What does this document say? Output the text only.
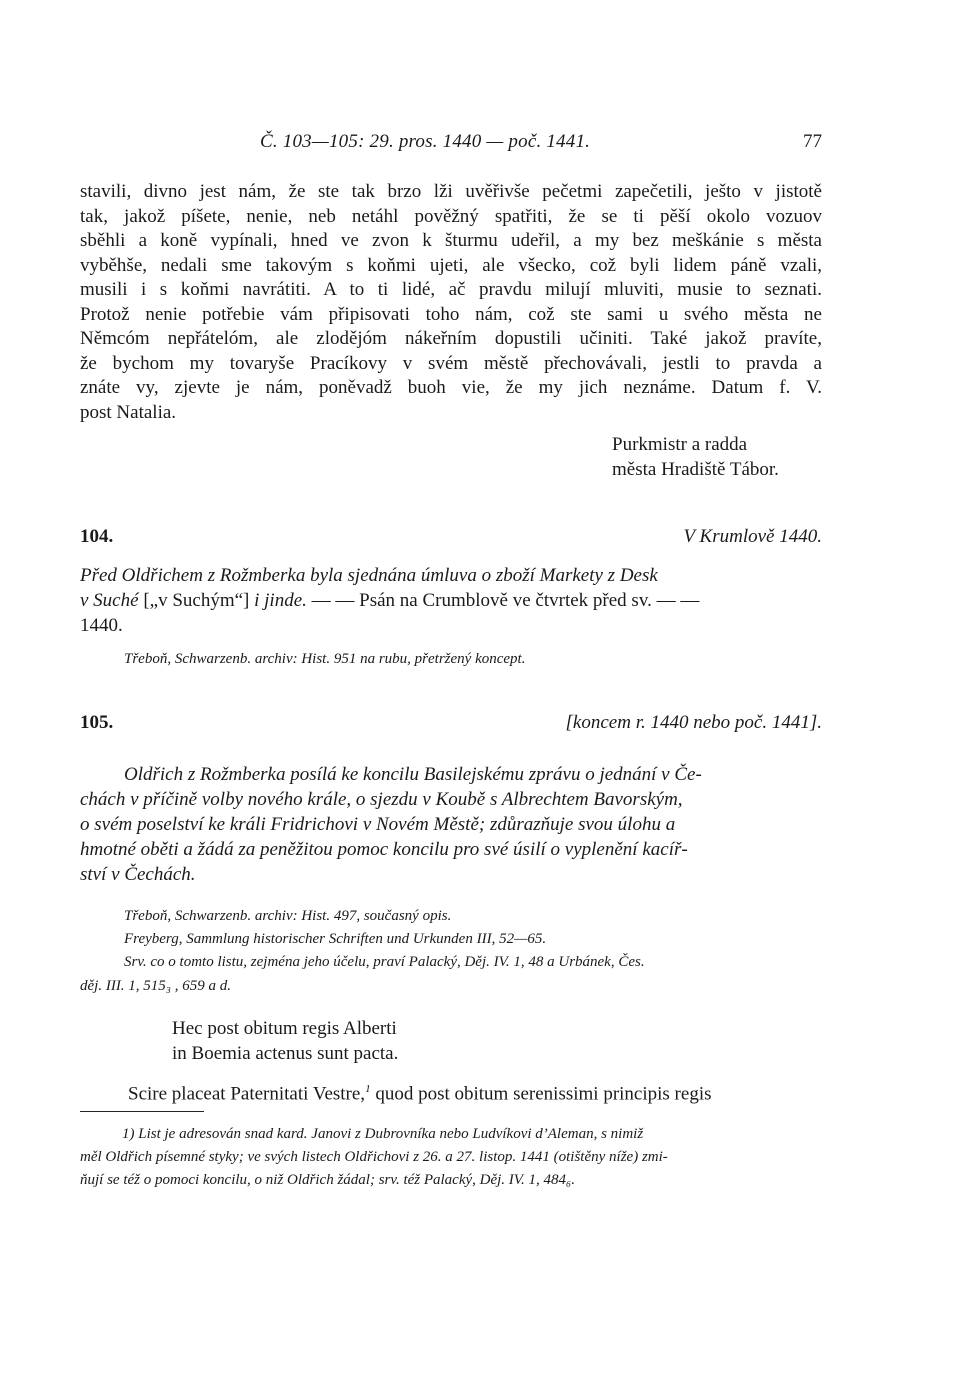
Č. 103—105: 29. pros. 1440 — poč. 1441.	77
stavili, divno jest nám, že ste tak brzo lži uvěřivše pečetmi zapečetili, ještо v jistotě
tak, jakož píšete, nenie, neb netáhl pověžný spatřiti, že se ti pěší okolo vozuov
sběhli a koně vypínali, hned ve zvon k šturmu udeřil, a my bez meškánie s města
vyběhše, nedali sme takovým s koňmi ujeti, ale všecko, což byli lidem páně vzali,
musili i s koňmi navrátiti. A to ti lidé, ač pravdu milují mluviti, musie to seznati.
Protož nenie potřebie vám připisovati toho nám, což ste sami u svého města ne
Němcóm nepřátelóm, ale zlodějóm nákeřním dopustili učiniti. Také jakož pravíte,
že bychom my tovaryše Pracíkovy v svém městě přechovávali, jestli to pravda a
znáte vy, zjevte je nám, poněvadž buoh vie, že my jich neznáme. Datum f. V.
post Natalia.
Purkmistr a radda
města Hradiště Tábor.
104.	V Krumlově 1440.
Před Oldřichem z Rožmberka byla sjednána úmluva o zboží Markety z Desk
v Suché [„v Suchým“] i jinde. — — Psán na Crumblově ve čtvrtek před sv. — —
1440.
Třeboň, Schwarzenb. archiv: Hist. 951 na rubu, přetržený koncept.
105.	[koncem r. 1440 nebo poč. 1441].
Oldřich z Rožmberka posílá ke koncilu Basilejskému zprávu o jednání v Če-
chách v příčině volby nového krále, o sjezdu v Koubě s Albrechtem Bavorským,
o svém poselství ke králi Fridrichovi v Novém Městě; zdůrazňuje svou úlohu a
hmotné oběti a žádá za peněžitou pomoc koncilu pro své úsilí o vyplenění kacíř-
ství v Čechách.
Třeboň, Schwarzenb. archiv: Hist. 497, současný opis.
Freyberg, Sammlung historischer Schriften und Urkunden III, 52—65.
Srv. co o tomto listu, zejména jeho účelu, praví Palacký, Děj. IV. 1, 48 a Urbánek, Čes.
děj. III. 1, 515₃ , 659 a d.
Hec post obitum regis Alberti
in Boemia actenus sunt pacta.
Scire placeat Paternitati Vestre,$^1$ quod post obitum serenissimi principis regis
1) List je adresován snad kard. Janovi z Dubrovníka nebo Ludvíkovi d’Aleman, s nimiž
měl Oldřich písemné styky; ve svých listech Oldřichovi z 26. a 27. listop. 1441 (otištěny níže) zmi-
ňují se též o pomoci koncilu, o niž Oldřich žádal; srv. též Palacký, Děj. IV. 1, 484₆.
